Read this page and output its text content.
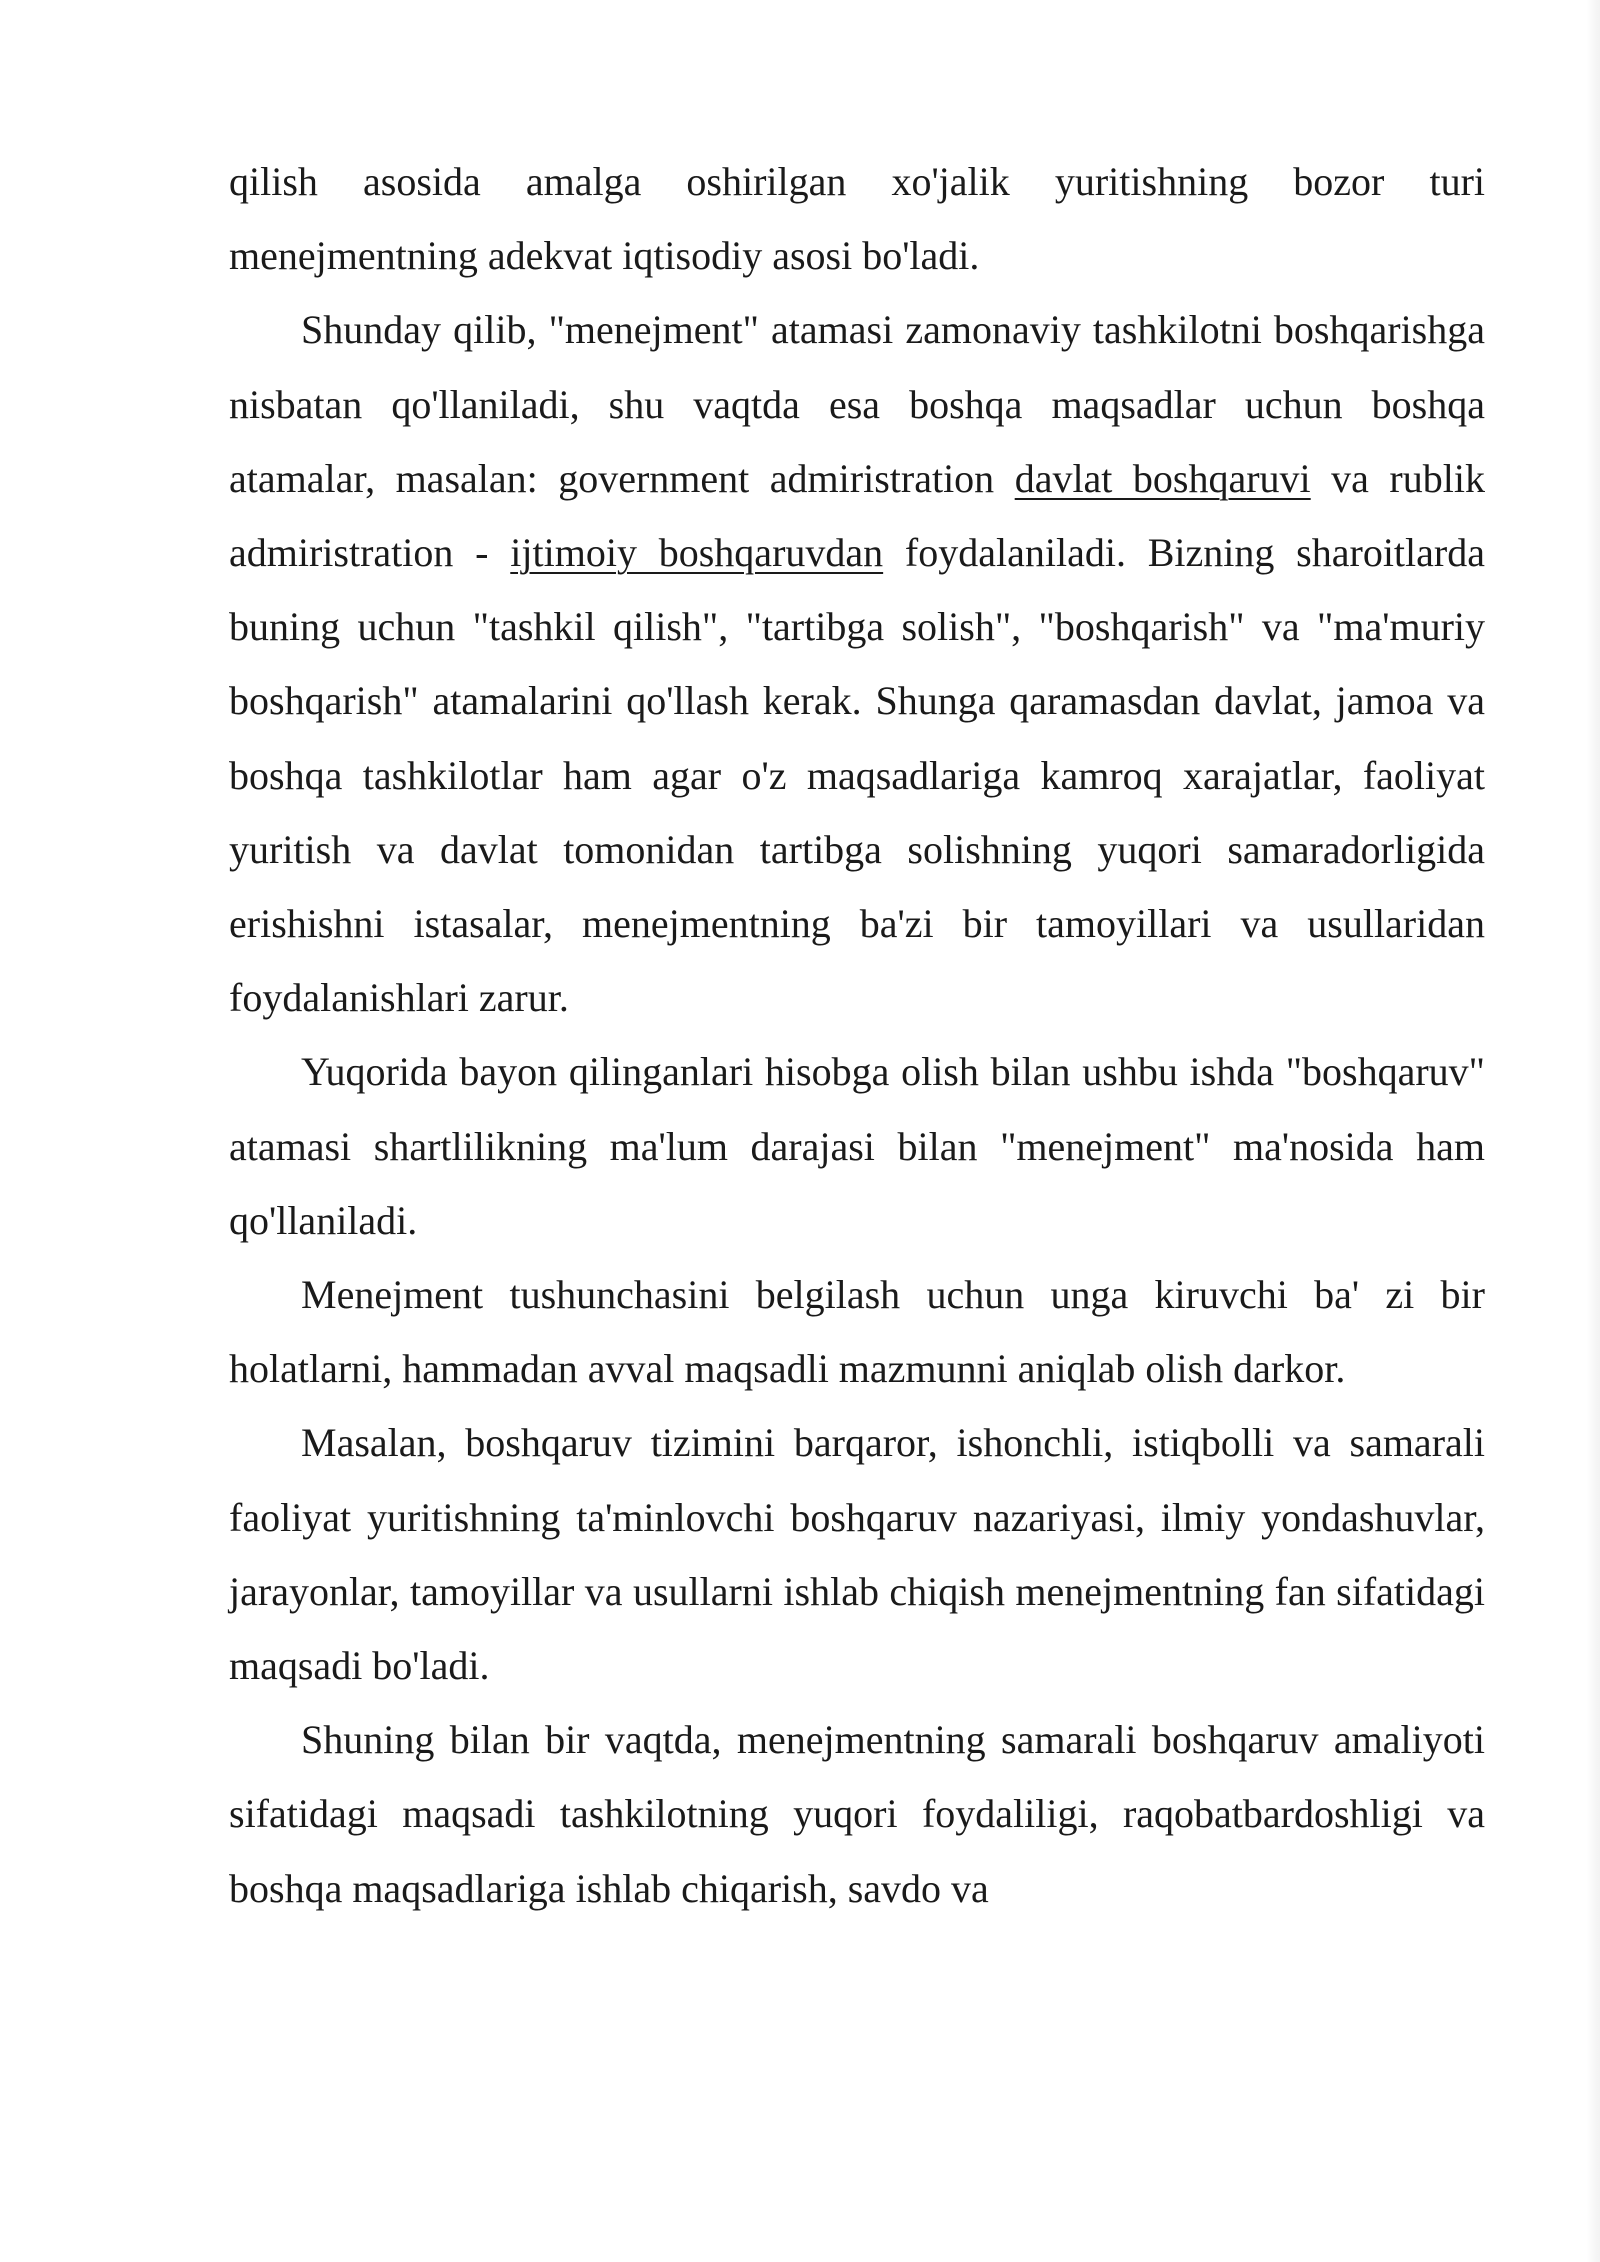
qilish asosida amalga oshirilgan xo'jalik yuritishning bozor turi menejmentning adekvat iqtisodiy asosi bo'ladi.

Shunday qilib, "menejment" atamasi zamonaviy tashkilotni boshqarishga nisbatan qo'llaniladi, shu vaqtda esa boshqa maqsadlar uchun boshqa atamalar, masalan: government admiristration davlat boshqaruvi va rublik admiristration - ijtimoiy boshqaruvdan foydalaniladi. Bizning sharoitlarda buning uchun "tashkil qilish", "tartibga solish", "boshqarish" va "ma'muriy boshqarish" atamalarini qo'llash kerak. Shunga qaramasdan davlat, jamoa va boshqa tashkilotlar ham agar o'z maqsadlariga kamroq xarajatlar, faoliyat yuritish va davlat tomonidan tartibga solishning yuqori samaradorligida erishishni istasalar, menejmentning ba'zi bir tamoyillari va usullaridan foydalanishlari zarur.

Yuqorida bayon qilinganlari hisobga olish bilan ushbu ishda "boshqaruv" atamasi shartlilikning ma'lum darajasi bilan "menejment" ma'nosida ham qo'llaniladi.

Menejment tushunchasini belgilash uchun unga kiruvchi ba' zi bir holatlarni, hammadan avval maqsadli mazmunni aniqlab olish darkor.

Masalan, boshqaruv tizimini barqaror, ishonchli, istiqbolli va samarali faoliyat yuritishning ta'minlovchi boshqaruv nazariyasi, ilmiy yondashuvlar, jarayonlar, tamoyillar va usullarni ishlab chiqish menejmentning fan sifatidagi maqsadi bo'ladi.

Shuning bilan bir vaqtda, menejmentning samarali boshqaruv amaliyoti sifatidagi maqsadi tashkilotning yuqori foydaliligi, raqobatbardoshligi va boshqa maqsadlariga ishlab chiqarish, savdo va
